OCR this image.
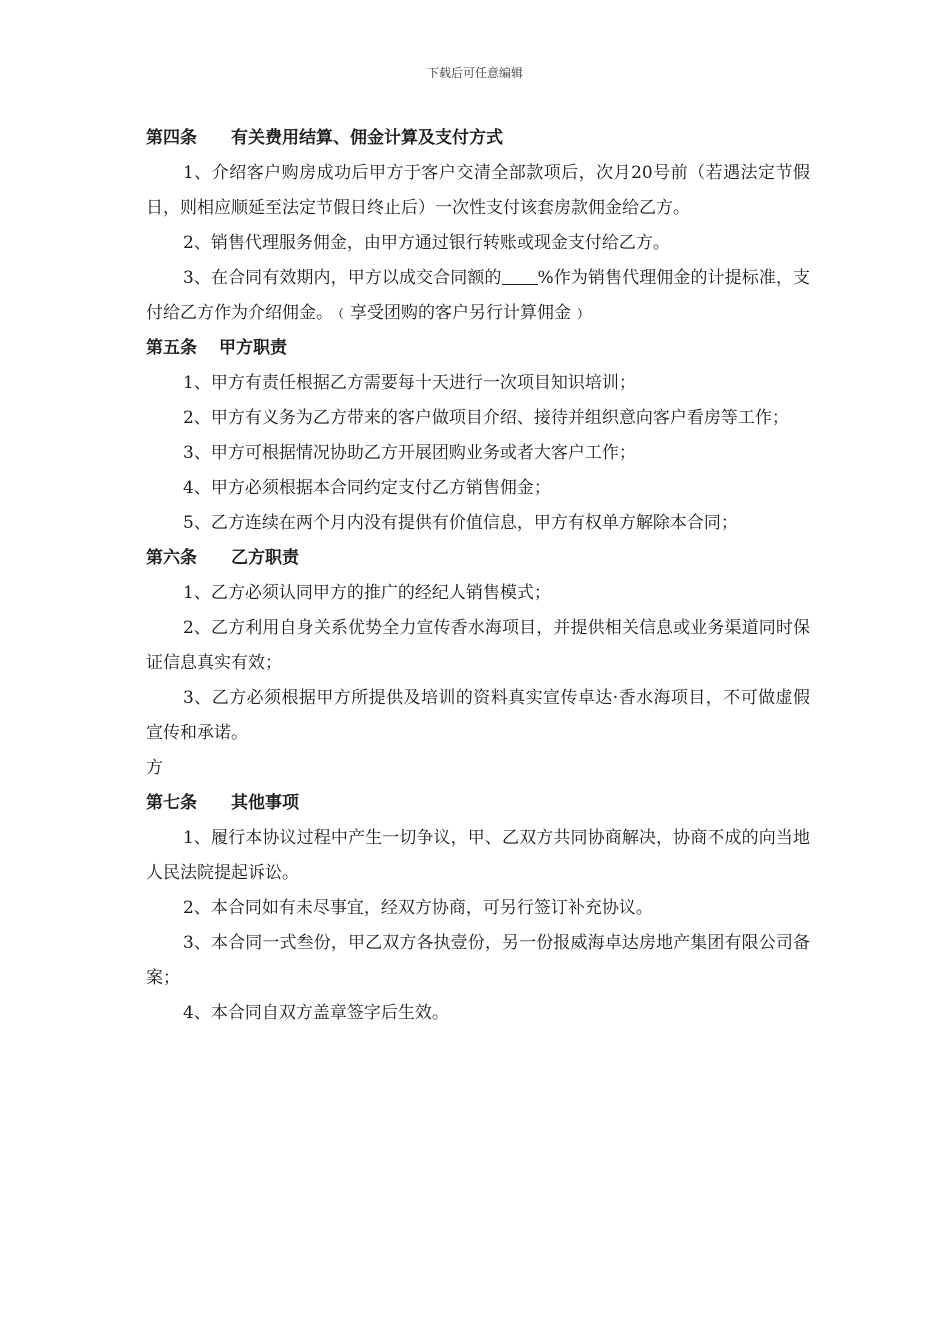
下载后可任意编辑
第四条 有关费用结算、佣金计算及支付方式

1、介绍客户购房成功后甲方于客户交清全部款项后，次月20号前（若遇法定节假日，则相应顺延至法定节假日终止后）一次性支付该套房款佣金给乙方。

2、销售代理服务佣金，由甲方通过银行转账或现金支付给乙方。

3、在合同有效期内，甲方以成交合同额的 %作为销售代理佣金的计提标准，支付给乙方作为介绍佣金。﹙享受团购的客户另行计算佣金﹚

第五条 甲方职责

1、甲方有责任根据乙方需要每十天进行一次项目知识培训；

2、甲方有义务为乙方带来的客户做项目介绍、接待并组织意向客户看房等工作；

3、甲方可根据情况协助乙方开展团购业务或者大客户工作；

4、甲方必须根据本合同约定支付乙方销售佣金；

5、乙方连续在两个月内没有提供有价值信息，甲方有权单方解除本合同；

第六条 乙方职责

1、乙方必须认同甲方的推广的经纪人销售模式；

2、乙方利用自身关系优势全力宣传香水海项目，并提供相关信息或业务渠道同时保证信息真实有效；

3、乙方必须根据甲方所提供及培训的资料真实宣传卓达·香水海项目，不可做虚假宣传和承诺。

方

第七条 其他事项

1、履行本协议过程中产生一切争议，甲、乙双方共同协商解决，协商不成的向当地人民法院提起诉讼。

2、本合同如有未尽事宜，经双方协商，可另行签订补充协议。

3、本合同一式叁份，甲乙双方各执壹份，另一份报威海卓达房地产集团有限公司备案；

4、本合同自双方盖章签字后生效。
